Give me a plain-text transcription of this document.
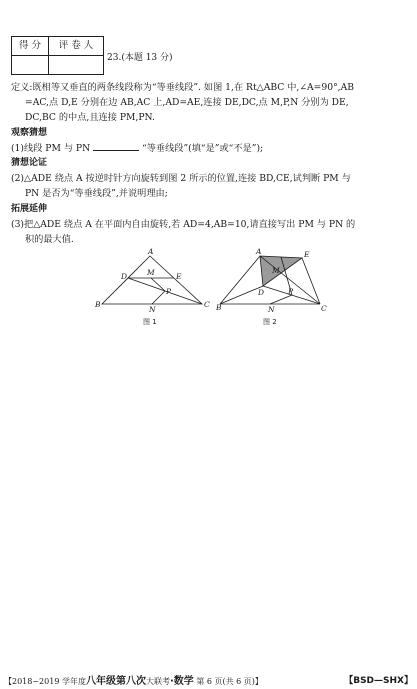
得 分	评 卷 人

23.(本题 13 分)

定义:既相等又垂直的两条线段称为“等垂线段”. 如图 1,在 Rt△ABC 中,∠A=90°,AB

=AC,点 D,E 分别在边 AB,AC 上,AD=AE,连接 DE,DC,点 M,P,N 分别为 DE,

DC,BC 的中点,且连接 PM,PN.

观察猜想

(1)线段 PM 与 PN	“等垂线段”(填“是”或“不是”);

猜想论证

(2)△ADE 绕点 A 按逆时针方向旋转到图 2 所示的位置,连接 BD,CE,试判断 PM 与

PN 是否为“等垂线段”,并说明理由;

拓展延伸

(3)把△ADE 绕点 A 在平面内自由旋转,若 AD=4,AB=10,请直接写出 PM 与 PN 的

积的最大值.

A
B	C
D	E
M
P
N
图 1
A
B	C
D
E
M
P
N
图 2
【2018~2019 学年度八年级第八次大联考·数学 第 6 页(共 6 页)】	【BSD—SHX】
